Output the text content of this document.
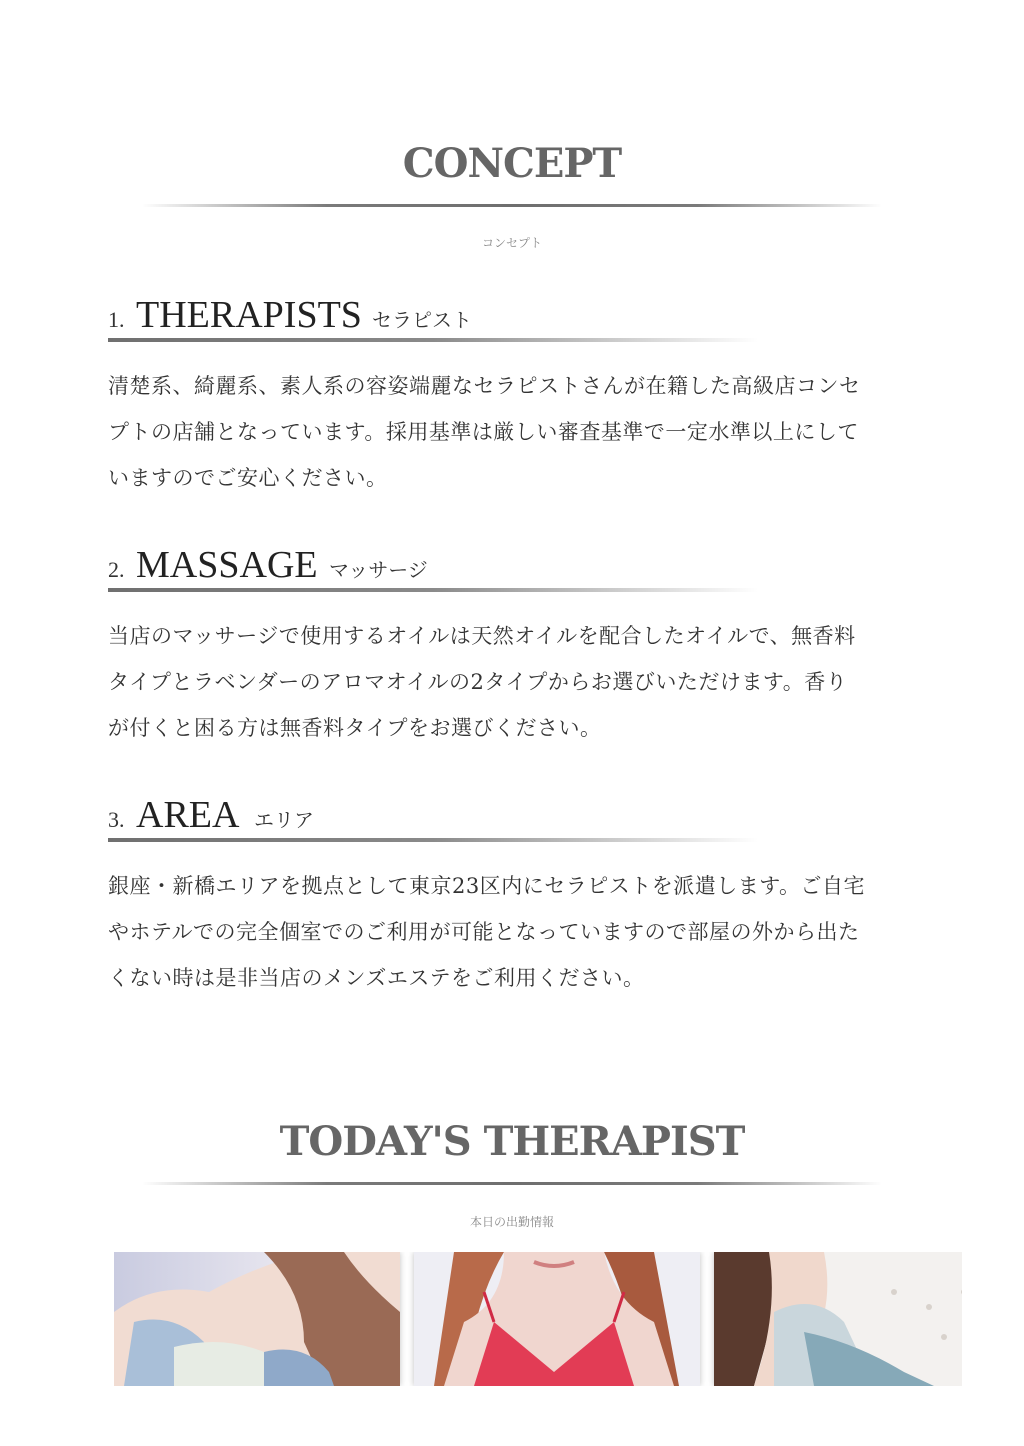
CONCEPT
コンセプト
1. THERAPISTS セラピスト
清楚系、綺麗系、素人系の容姿端麗なセラピストさんが在籍した高級店コンセ
プトの店舗となっています。採用基準は厳しい審査基準で一定水準以上にして
いますのでご安心ください。
2. MASSAGE マッサージ
当店のマッサージで使用するオイルは天然オイルを配合したオイルで、無香料
タイプとラベンダーのアロマオイルの2タイプからお選びいただけます。香り
が付くと困る方は無香料タイプをお選びください。
3. AREA エリア
銀座・新橋エリアを拠点として東京23区内にセラピストを派遣します。ご自宅
やホテルでの完全個室でのご利用が可能となっていますので部屋の外から出た
くない時は是非当店のメンズエステをご利用ください。
TODAY'S THERAPIST
本日の出勤情報
